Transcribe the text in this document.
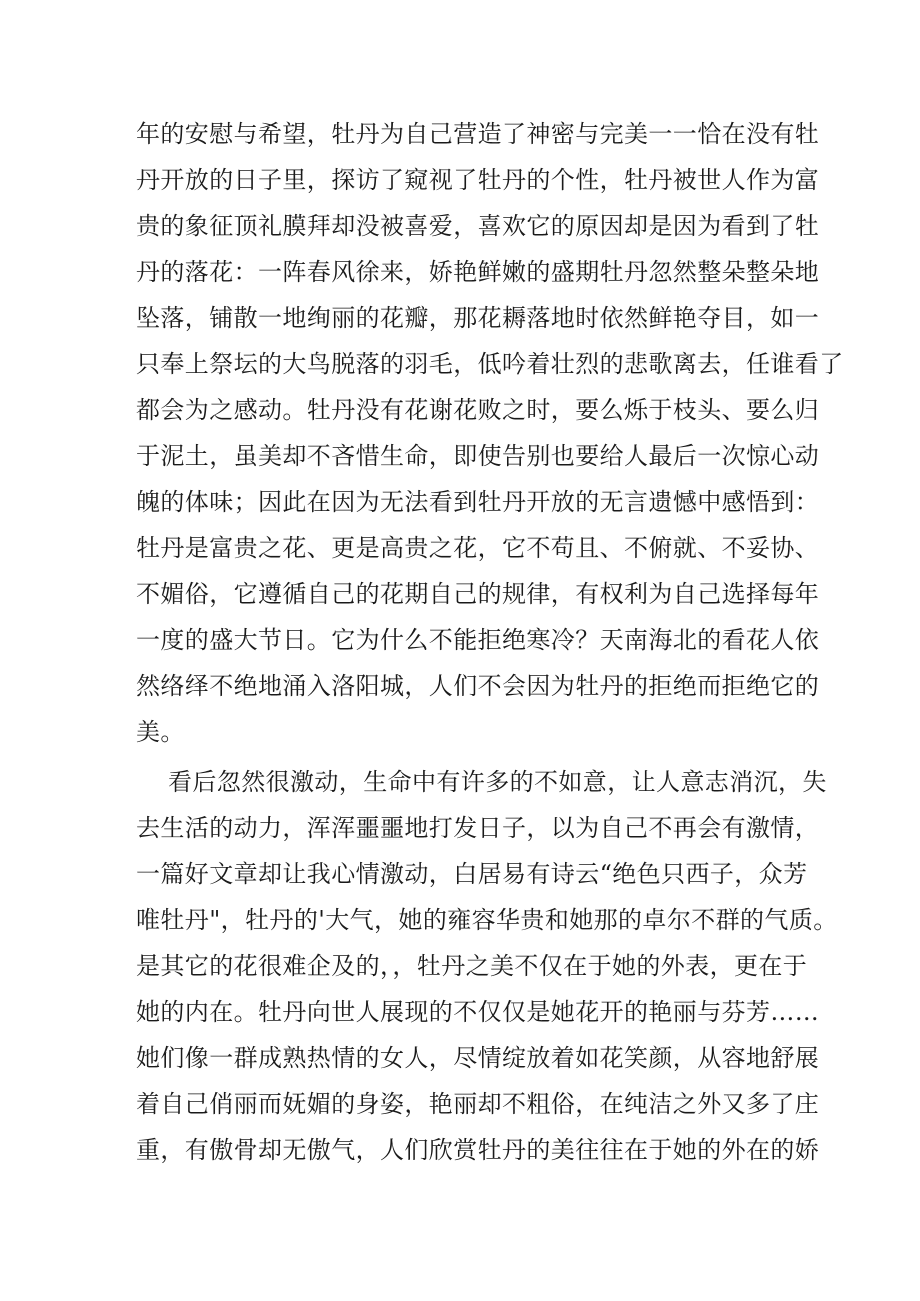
年的安慰与希望，牡丹为自己营造了神密与完美一一恰在没有牡
丹开放的日子里，探访了窥视了牡丹的个性，牡丹被世人作为富
贵的象征顶礼膜拜却没被喜爱，喜欢它的原因却是因为看到了牡
丹的落花：一阵春风徐来，娇艳鲜嫩的盛期牡丹忽然整朵整朵地
坠落，铺散一地绚丽的花瓣，那花耨落地时依然鲜艳夺目，如一
只奉上祭坛的大鸟脱落的羽毛，低吟着壮烈的悲歌离去，任谁看了
都会为之感动。牡丹没有花谢花败之时，要么烁于枝头、要么归
于泥土，虽美却不吝惜生命，即使告别也要给人最后一次惊心动
魄的体味；因此在因为无法看到牡丹开放的无言遗憾中感悟到：
牡丹是富贵之花、更是高贵之花，它不苟且、不俯就、不妥协、
不媚俗，它遵循自己的花期自己的规律，有权利为自己选择每年
一度的盛大节日。它为什么不能拒绝寒冷？天南海北的看花人依
然络绎不绝地涌入洛阳城，人们不会因为牡丹的拒绝而拒绝它的
美。
看后忽然很激动，生命中有许多的不如意，让人意志消沉，失
去生活的动力，浑浑噩噩地打发日子，以为自己不再会有激情，
一篇好文章却让我心情激动，白居易有诗云“绝色只西子，众芳
唯牡丹"，牡丹的'大气，她的雍容华贵和她那的卓尔不群的气质。
是其它的花很难企及的，，牡丹之美不仅在于她的外表，更在于
她的内在。牡丹向世人展现的不仅仅是她花开的艳丽与芬芳……
她们像一群成熟热情的女人，尽情绽放着如花笑颜，从容地舒展
着自己俏丽而妩媚的身姿，艳丽却不粗俗，在纯洁之外又多了庄
重，有傲骨却无傲气，人们欣赏牡丹的美往往在于她的外在的娇
